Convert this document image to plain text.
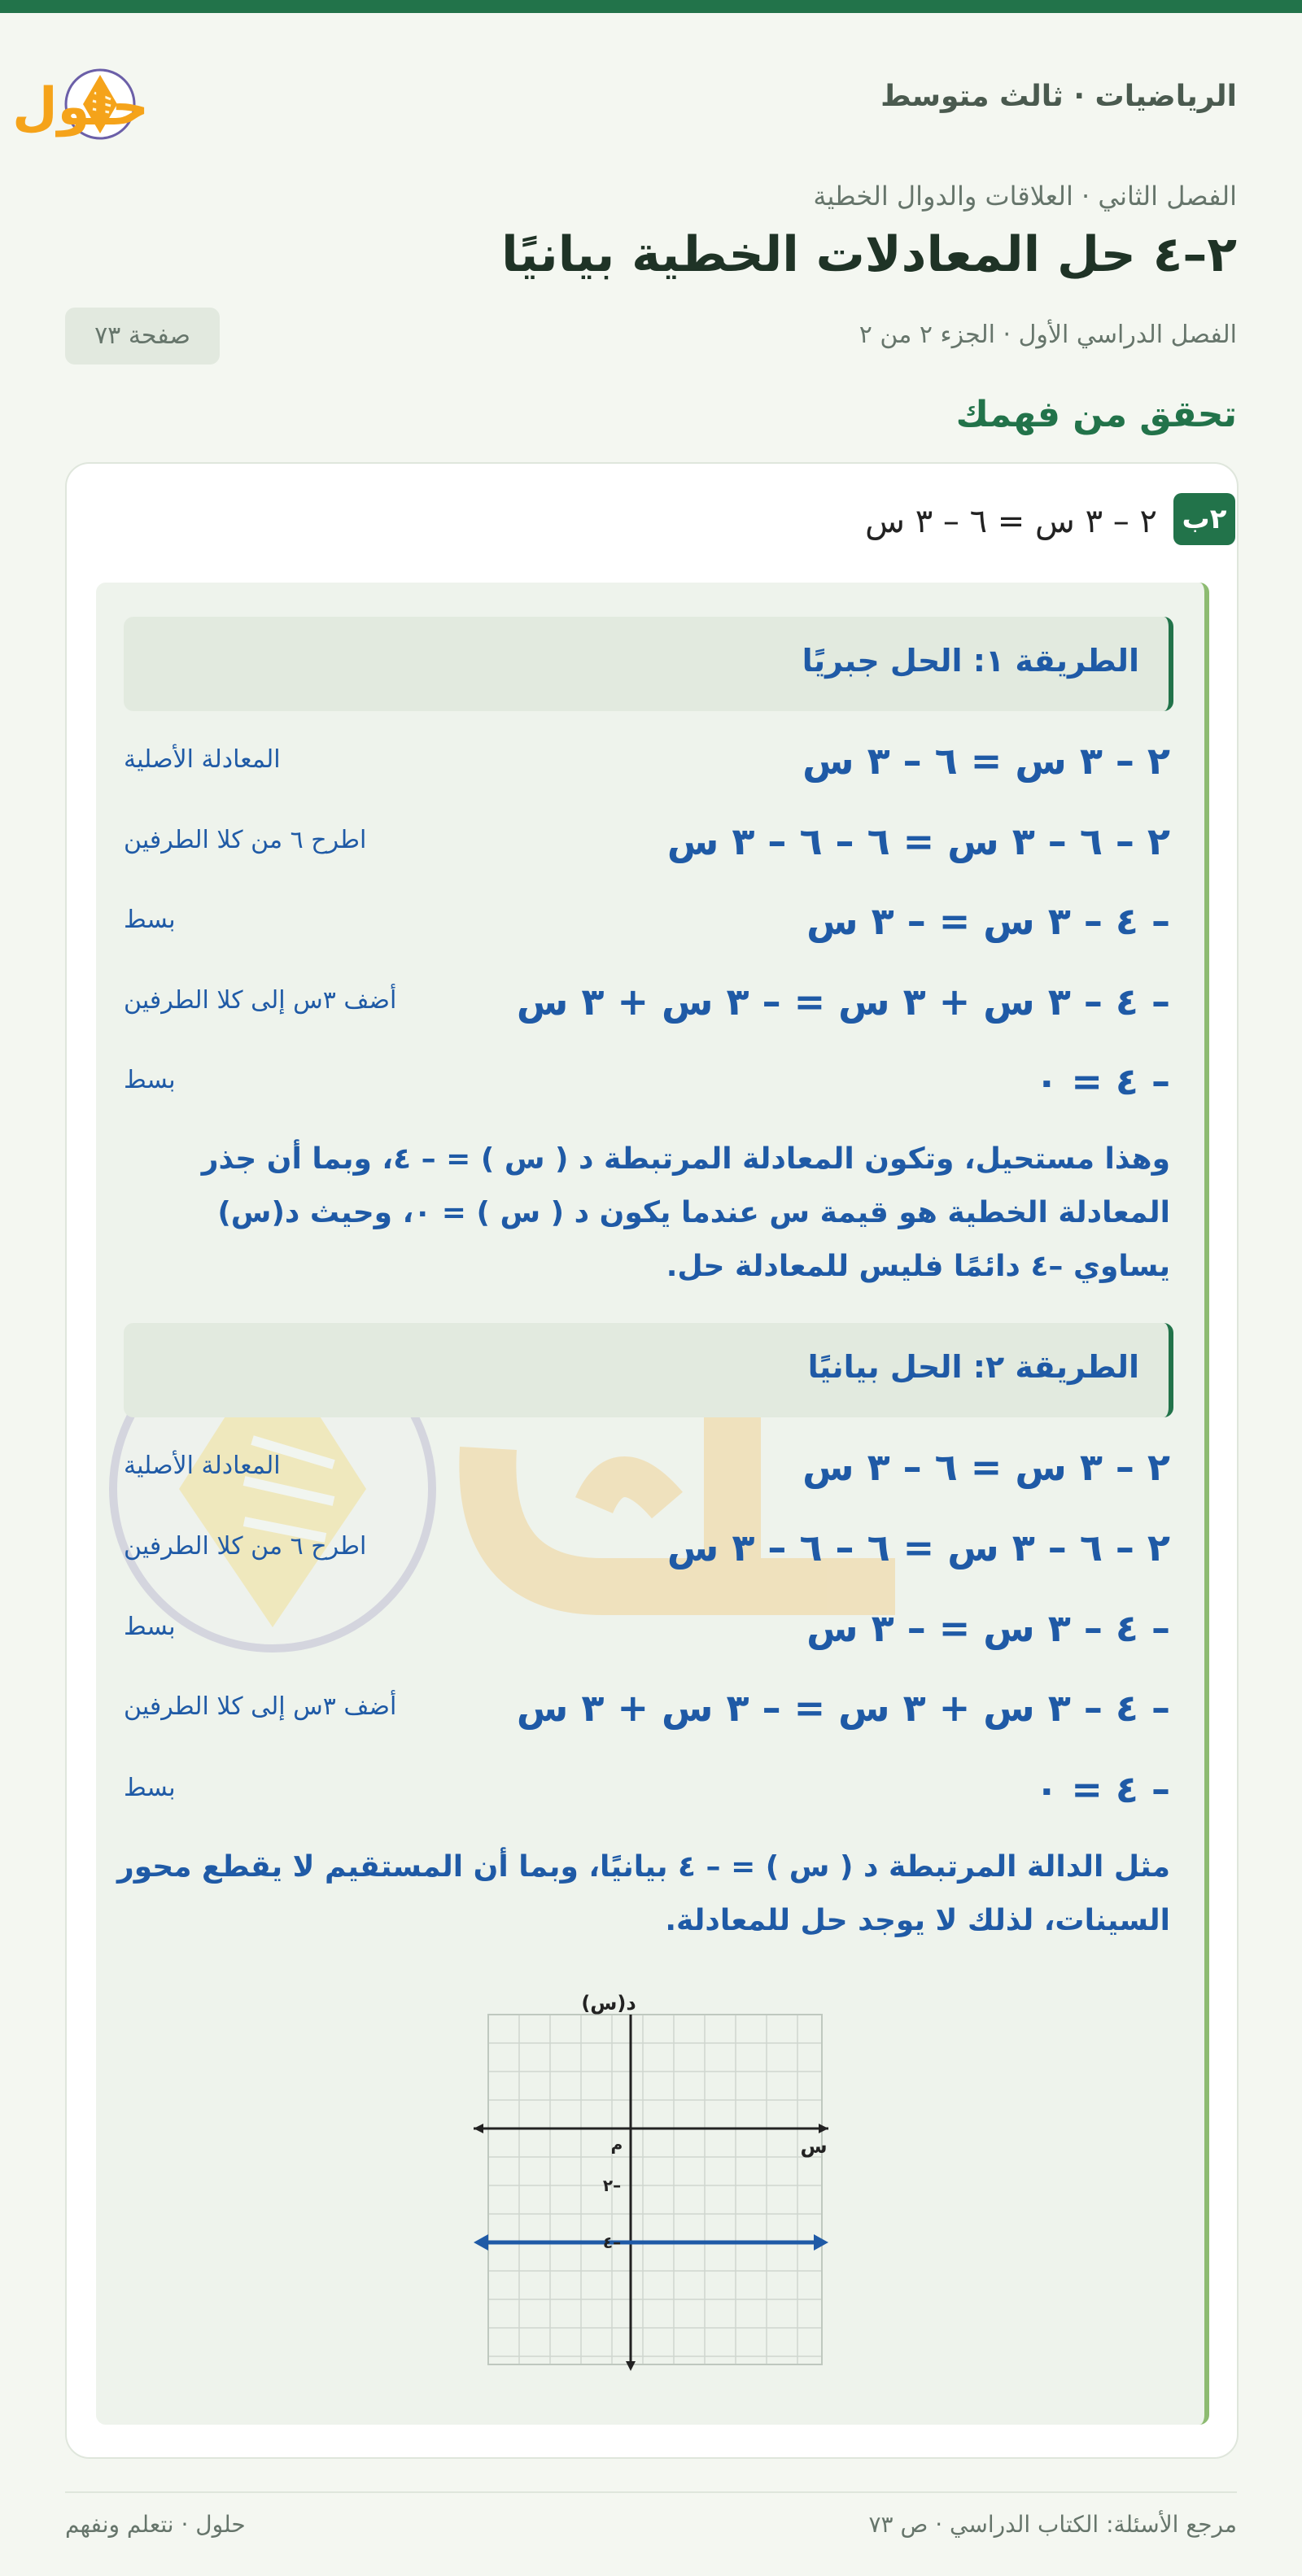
حلول	الرياضيات · ثالث متوسط
الفصل الثاني · العلاقات والدوال الخطية
٢–٤ حل المعادلات الخطية بيانيًا
الفصل الدراسي الأول · الجزء ٢ من ٢
صفحة ٧٣
تحقق من فهمك
٢ب
٢ – ٣ س = ٦ – ٣ س
الطريقة ١: الحل جبريًا
٢ – ٣ س = ٦ – ٣ س
المعادلة الأصلية
٢ – ٦ – ٣ س = ٦ – ٦ – ٣ س
اطرح ٦ من كلا الطرفين
– ٤ – ٣ س = – ٣ س
بسط
– ٤ – ٣ س + ٣ س = – ٣ س + ٣ س
أضف ٣س إلى كلا الطرفين
– ٤ = ٠
بسط
وهذا مستحيل، وتكون المعادلة المرتبطة د ( س ) = – ٤، وبما أن جذر المعادلة الخطية هو قيمة س عندما يكون د ( س ) = ٠، وحيث د(س) يساوي –٤ دائمًا فليس للمعادلة حل.
الطريقة ٢: الحل بيانيًا
٢ – ٣ س = ٦ – ٣ س
المعادلة الأصلية
٢ – ٦ – ٣ س = ٦ – ٦ – ٣ س
اطرح ٦ من كلا الطرفين
– ٤ – ٣ س = – ٣ س
بسط
– ٤ – ٣ س + ٣ س = – ٣ س + ٣ س
أضف ٣س إلى كلا الطرفين
– ٤ = ٠
بسط
مثل الدالة المرتبطة د ( س ) = – ٤ بيانيًا، وبما أن المستقيم لا يقطع محور السينات، لذلك لا يوجد حل للمعادلة.
د(س)
س
م
–٢
–٤
مرجع الأسئلة: الكتاب الدراسي · ص ٧٣
حلول · نتعلم ونفهم
